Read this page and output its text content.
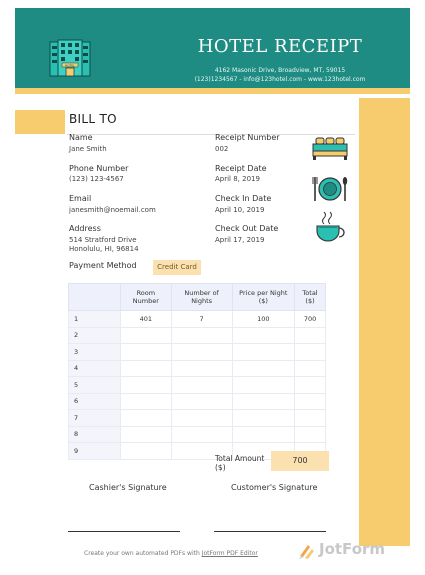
HOTEL
HOTEL RECEIPT
4162 Masonic Drive, Broadview, MT, 59015
(123)1234567 - info@123hotel.com - www.123hotel.com
BILL TO
Name
Jane Smith
Phone Number
(123) 123-4567
Email
janesmith@noemail.com
Address
514 Stratford Drive
Honolulu, HI, 96814
Receipt Number
002
Receipt Date
April 8, 2019
Check In Date
April 10, 2019
Check Out Date
April 17, 2019
Payment Method	Credit Card
	Room Number	Number of Nights	Price per Night ($)	Total ($)
1	401	7	100	700
2				
3				
4				
5				
6				
7				
8				
9				
Total Amount ($)
700
Cashier's Signature	Customer's Signature
Create your own automated PDFs with JotForm PDF Editor	JotForm
